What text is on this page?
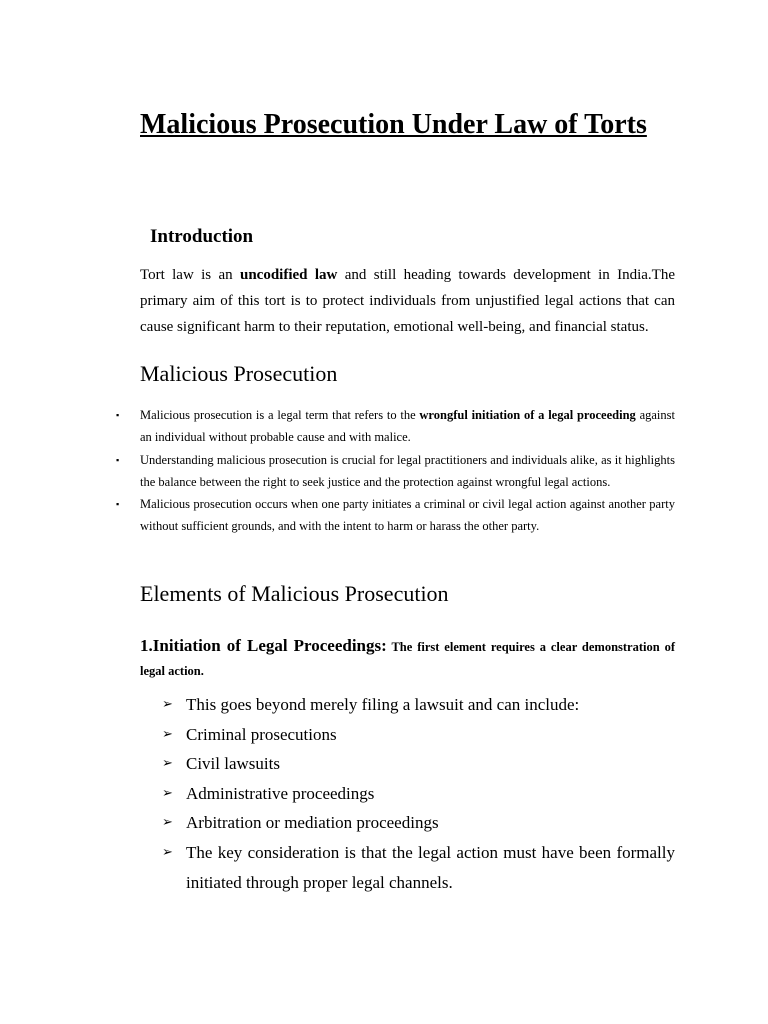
Malicious Prosecution Under Law of Torts
Introduction

Tort law is an uncodified law and still heading towards development in India.The primary aim of this tort is to protect individuals from unjustified legal actions that can cause significant harm to their reputation, emotional well-being, and financial status.

Malicious Prosecution
▪ Malicious prosecution is a legal term that refers to the wrongful initiation of a legal proceeding against an individual without probable cause and with malice.
▪ Understanding malicious prosecution is crucial for legal practitioners and individuals alike, as it highlights the balance between the right to seek justice and the protection against wrongful legal actions.
▪ Malicious prosecution occurs when one party initiates a criminal or civil legal action against another party without sufficient grounds, and with the intent to harm or harass the other party.
Elements of Malicious Prosecution

1.Initiation of Legal Proceedings: The first element requires a clear demonstration of legal action.

➢ This goes beyond merely filing a lawsuit and can include:
➢ Criminal prosecutions
➢ Civil lawsuits
➢ Administrative proceedings
➢ Arbitration or mediation proceedings
➢ The key consideration is that the legal action must have been formally initiated through proper legal channels.
